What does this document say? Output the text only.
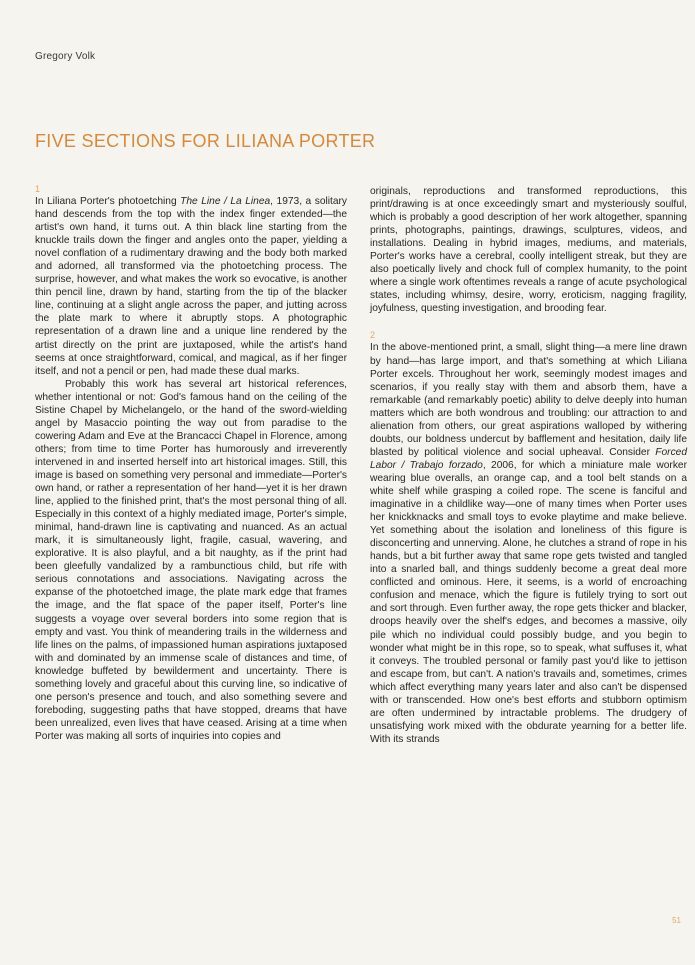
Gregory Volk
FIVE SECTIONS FOR LILIANA PORTER
1

In Liliana Porter's photoetching The Line / La Linea, 1973, a solitary hand descends from the top with the index finger extended—the artist's own hand, it turns out. A thin black line starting from the knuckle trails down the finger and angles onto the paper, yielding a novel conflation of a rudimentary drawing and the body both marked and adorned, all transformed via the photoetching process. The surprise, however, and what makes the work so evocative, is another thin pencil line, drawn by hand, starting from the tip of the blacker line, continuing at a slight angle across the paper, and jutting across the plate mark to where it abruptly stops. A photographic representation of a drawn line and a unique line rendered by the artist directly on the print are juxtaposed, while the artist's hand seems at once straightforward, comical, and magical, as if her finger itself, and not a pencil or pen, had made these dual marks.

Probably this work has several art historical references, whether intentional or not: God's famous hand on the ceiling of the Sistine Chapel by Michelangelo, or the hand of the sword-wielding angel by Masaccio pointing the way out from paradise to the cowering Adam and Eve at the Brancacci Chapel in Florence, among others; from time to time Porter has humorously and irreverently intervened in and inserted herself into art historical images. Still, this image is based on something very personal and immediate—Porter's own hand, or rather a representation of her hand—yet it is her drawn line, applied to the finished print, that's the most personal thing of all. Especially in this context of a highly mediated image, Porter's simple, minimal, hand-drawn line is captivating and nuanced. As an actual mark, it is simultaneously light, fragile, casual, wavering, and explorative. It is also playful, and a bit naughty, as if the print had been gleefully vandalized by a rambunctious child, but rife with serious connotations and associations. Navigating across the expanse of the photoetched image, the plate mark edge that frames the image, and the flat space of the paper itself, Porter's line suggests a voyage over several borders into some region that is empty and vast. You think of meandering trails in the wilderness and life lines on the palms, of impassioned human aspirations juxtaposed with and dominated by an immense scale of distances and time, of knowledge buffeted by bewilderment and uncertainty. There is something lovely and graceful about this curving line, so indicative of one person's presence and touch, and also something severe and foreboding, suggesting paths that have stopped, dreams that have been unrealized, even lives that have ceased. Arising at a time when Porter was making all sorts of inquiries into copies and

originals, reproductions and transformed reproductions, this print/drawing is at once exceedingly smart and mysteriously soulful, which is probably a good description of her work altogether, spanning prints, photographs, paintings, drawings, sculptures, videos, and installations. Dealing in hybrid images, mediums, and materials, Porter's works have a cerebral, coolly intelligent streak, but they are also poetically lively and chock full of complex humanity, to the point where a single work oftentimes reveals a range of acute psychological states, including whimsy, desire, worry, eroticism, nagging fragility, joyfulness, questing investigation, and brooding fear.

2

In the above-mentioned print, a small, slight thing—a mere line drawn by hand—has large import, and that's something at which Liliana Porter excels. Throughout her work, seemingly modest images and scenarios, if you really stay with them and absorb them, have a remarkable (and remarkably poetic) ability to delve deeply into human matters which are both wondrous and troubling: our attraction to and alienation from others, our great aspirations walloped by withering doubts, our boldness undercut by bafflement and hesitation, daily life blasted by political violence and social upheaval. Consider Forced Labor / Trabajo forzado, 2006, for which a miniature male worker wearing blue overalls, an orange cap, and a tool belt stands on a white shelf while grasping a coiled rope. The scene is fanciful and imaginative in a childlike way—one of many times when Porter uses her knickknacks and small toys to evoke playtime and make believe. Yet something about the isolation and loneliness of this figure is disconcerting and unnerving. Alone, he clutches a strand of rope in his hands, but a bit further away that same rope gets twisted and tangled into a snarled ball, and things suddenly become a great deal more conflicted and ominous. Here, it seems, is a world of encroaching confusion and menace, which the figure is futilely trying to sort out and sort through. Even further away, the rope gets thicker and blacker, droops heavily over the shelf's edges, and becomes a massive, oily pile which no individual could possibly budge, and you begin to wonder what might be in this rope, so to speak, what suffuses it, what it conveys. The troubled personal or family past you'd like to jettison and escape from, but can't. A nation's travails and, sometimes, crimes which affect everything many years later and also can't be dispensed with or transcended. How one's best efforts and stubborn optimism are often undermined by intractable problems. The drudgery of unsatisfying work mixed with the obdurate yearning for a better life. With its strands

51
